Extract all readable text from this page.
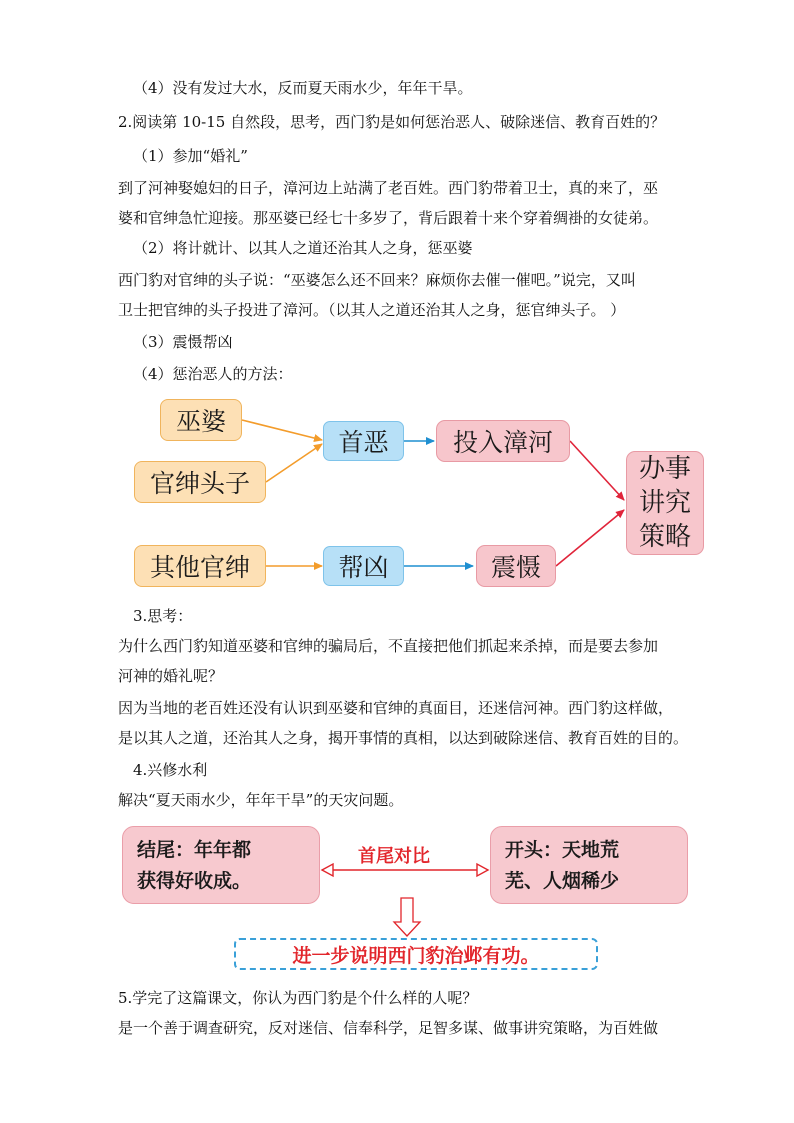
（4）没有发过大水，反而夏天雨水少，年年干旱。

2.阅读第 10-15 自然段，思考，西门豹是如何惩治恶人、破除迷信、教育百姓的？

（1）参加“婚礼”

到了河神娶媳妇的日子，漳河边上站满了老百姓。西门豹带着卫士，真的来了，巫

婆和官绅急忙迎接。那巫婆已经七十多岁了，背后跟着十来个穿着绸褂的女徒弟。

（2）将计就计、以其人之道还治其人之身，惩巫婆

西门豹对官绅的头子说：“巫婆怎么还不回来？麻烦你去催一催吧。”说完，又叫

卫士把官绅的头子投进了漳河。（以其人之道还治其人之身，惩官绅头子。 ）

（3）震慑帮凶

（4）惩治恶人的方法：

巫婆
官绅头子
其他官绅
首恶
帮凶
投入漳河
震慑
办事
讲究
策略

3.思考：

为什么西门豹知道巫婆和官绅的骗局后，不直接把他们抓起来杀掉，而是要去参加

河神的婚礼呢？

因为当地的老百姓还没有认识到巫婆和官绅的真面目，还迷信河神。西门豹这样做，

是以其人之道，还治其人之身，揭开事情的真相，以达到破除迷信、教育百姓的目的。

4.兴修水利

解决“夏天雨水少，年年干旱”的天灾问题。

结尾：年年都
获得好收成。
首尾对比	开头：天地荒
芜、人烟稀少
进一步说明西门豹治邺有功。

5.学完了这篇课文，你认为西门豹是个什么样的人呢？

是一个善于调查研究，反对迷信、信奉科学，足智多谋、做事讲究策略，为百姓做
